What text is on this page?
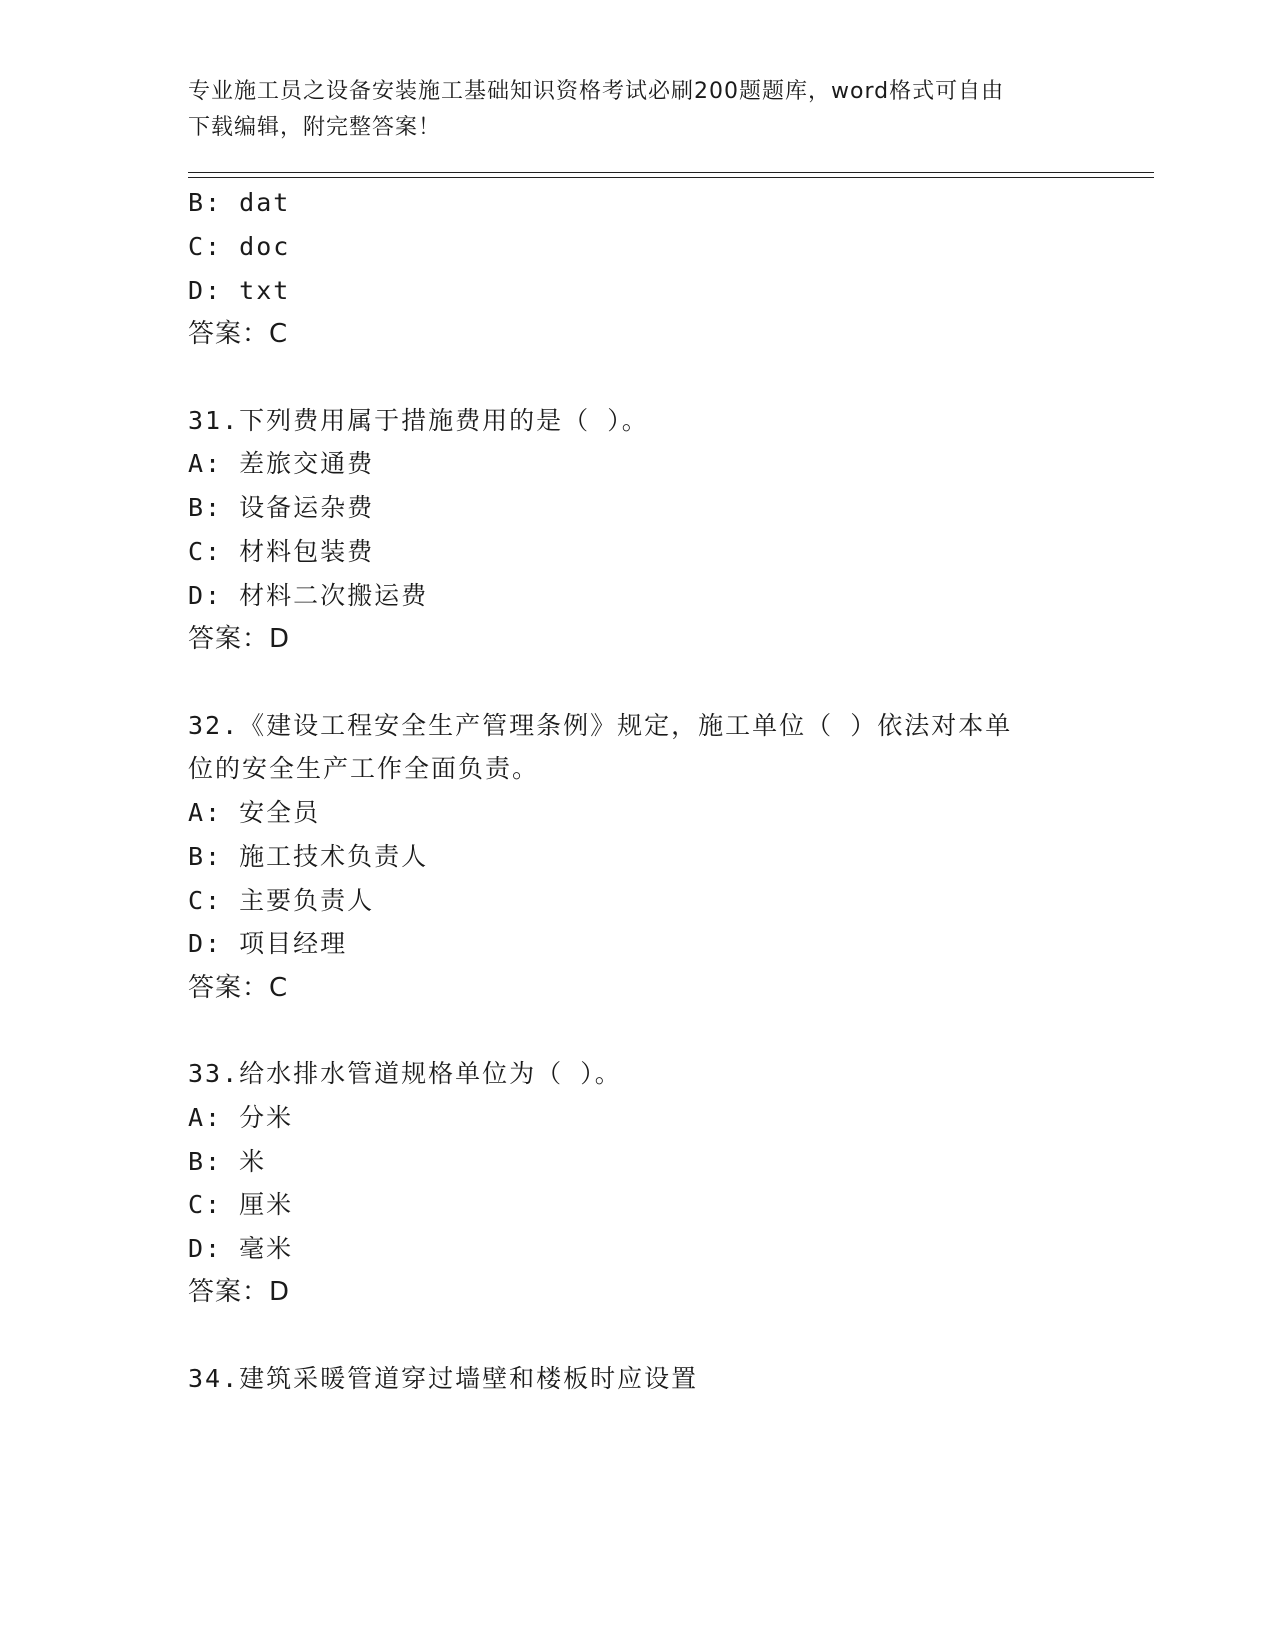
专业施工员之设备安装施工基础知识资格考试必刷200题题库，word格式可自由
下载编辑，附完整答案！
B: dat
C: doc
D: txt
答案：C
31.下列费用属于措施费用的是（ ）。
A: 差旅交通费
B: 设备运杂费
C: 材料包装费
D: 材料二次搬运费
答案：D
32.《建设工程安全生产管理条例》规定，施工单位（ ）依法对本单
位的安全生产工作全面负责。
A: 安全员
B: 施工技术负责人
C: 主要负责人
D: 项目经理
答案：C
33.给水排水管道规格单位为（ ）。
A: 分米
B: 米
C: 厘米
D: 毫米
答案：D
34.建筑采暖管道穿过墙壁和楼板时应设置
